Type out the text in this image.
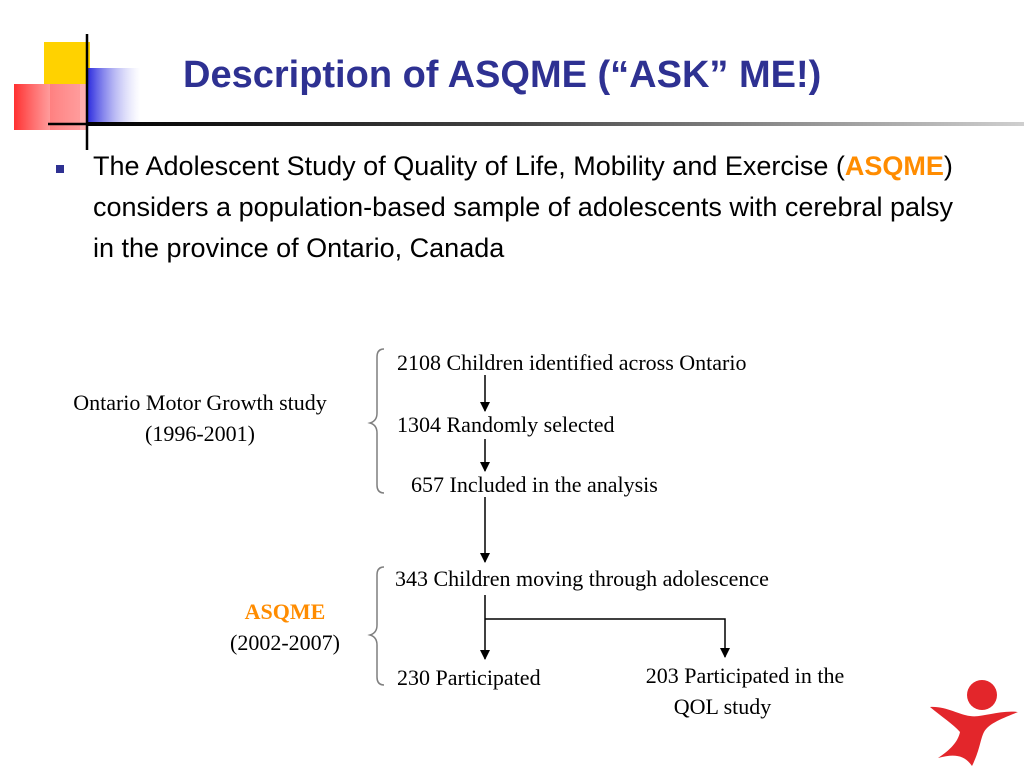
Description of ASQME (“ASK” ME!)
The Adolescent Study of Quality of Life, Mobility and Exercise (ASQME) considers a population-based sample of adolescents with cerebral palsy in the province of Ontario, Canada
Ontario Motor Growth study
(1996-2001)
ASQME
(2002-2007)
2108 Children identified across Ontario
1304 Randomly selected
657 Included in the analysis
343 Children moving through adolescence
230 Participated	203 Participated in the
QOL study
